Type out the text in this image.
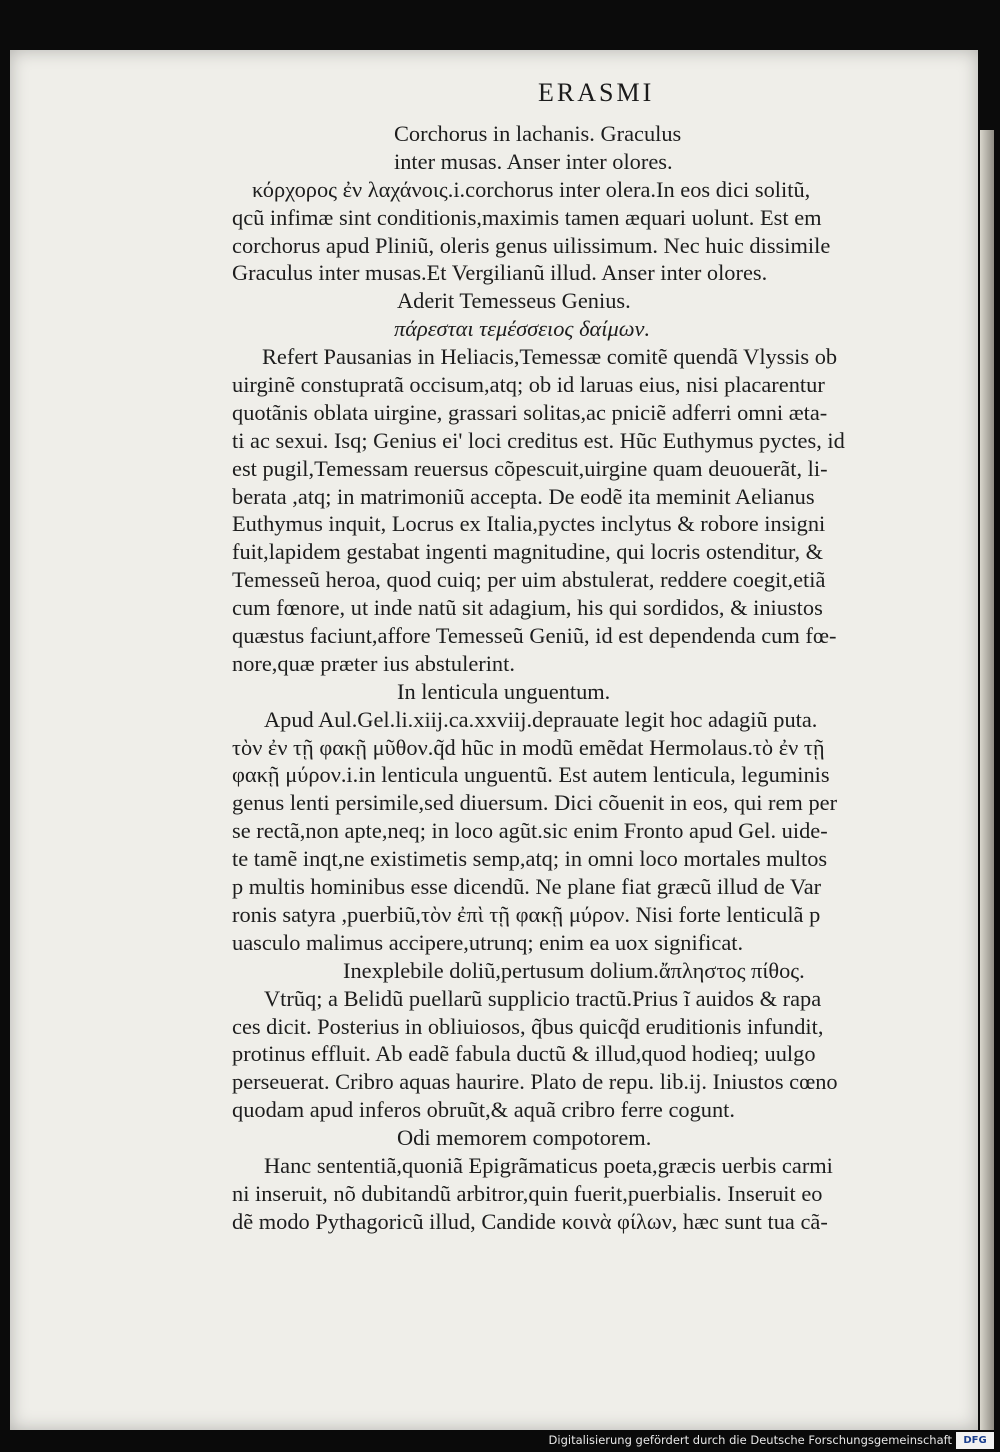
ERASMI
Corchorus in lachanis. Graculus
inter musas. Anser inter olores.
κόρχορος ἐν λαχάνοις.i.corchorus inter olera.In eos dici solitũ,
qcũ infimæ sint conditionis,maximis tamen æquari uolunt. Est em
corchorus apud Pliniũ, oleris genus uilissimum. Nec huic dissimile
Graculus inter musas.Et Vergilianũ illud. Anser inter olores.
Aderit Temesseus Genius.
πάρεσται τεμέσσειος δαίμων.
Refert Pausanias in Heliacis,Temessæ comitẽ quendã Vlyssis ob
uirginẽ constupratã occisum,atq; ob id laruas eius, nisi placarentur
quotãnis oblata uirgine, grassari solitas,ac pniciẽ adferri omni æta-
ti ac sexui. Isq; Genius ei' loci creditus est. Hũc Euthymus pyctes, id
est pugil,Temessam reuersus cõpescuit,uirgine quam deuouerãt, li-
berata ,atq; in matrimoniũ accepta. De eodẽ ita meminit Aelianus
Euthymus inquit, Locrus ex Italia,pyctes inclytus & robore insigni
fuit,lapidem gestabat ingenti magnitudine, qui locris ostenditur, &
Temesseũ heroa, quod cuiq; per uim abstulerat, reddere coegit,etiã
cum fœnore, ut inde natũ sit adagium, his qui sordidos, & iniustos
quæstus faciunt,affore Temesseũ Geniũ, id est dependenda cum fœ-
nore,quæ præter ius abstulerint.
In lenticula unguentum.
Apud Aul.Gel.li.xiij.ca.xxviij.deprauate legit hoc adagiũ puta.
τὸν ἐν τῇ φακῇ μῦθον.q̃d hũc in modũ emẽdat Hermolaus.τὸ ἐν τῇ
φακῇ μύρον.i.in lenticula unguentũ. Est autem lenticula, leguminis
genus lenti persimile,sed diuersum. Dici cõuenit in eos, qui rem per
se rectã,non apte,neq; in loco agũt.sic enim Fronto apud Gel. uide-
te tamẽ inqt,ne existimetis semp,atq; in omni loco mortales multos
p multis hominibus esse dicendũ. Ne plane fiat græcũ illud de Var
ronis satyra ,puerbiũ,τὸν ἐπὶ τῇ φακῇ μύρον. Nisi forte lenticulã p
uasculo malimus accipere,utrunq; enim ea uox significat.
Inexplebile doliũ,pertusum dolium.ἄπληστος πίθος.
Vtrũq; a Belidũ puellarũ supplicio tractũ.Prius ĩ auidos & rapa
ces dicit. Posterius in obliuiosos, q̃bus quicq̃d eruditionis infundit,
protinus effluit. Ab eadẽ fabula ductũ & illud,quod hodieq; uulgo
perseuerat. Cribro aquas haurire. Plato de repu. lib.ij. Iniustos cœno
quodam apud inferos obruũt,& aquã cribro ferre cogunt.
Odi memorem compotorem.
Hanc sententiã,quoniã Epigrãmaticus poeta,græcis uerbis carmi
ni inseruit, nõ dubitandũ arbitror,quin fuerit,puerbialis. Inseruit eo
dẽ modo Pythagoricũ illud, Candide κοινὰ φίλων, hæc sunt tua cã-
Digitalisierung gefördert durch die Deutsche Forschungsgemeinschaft	DFG
